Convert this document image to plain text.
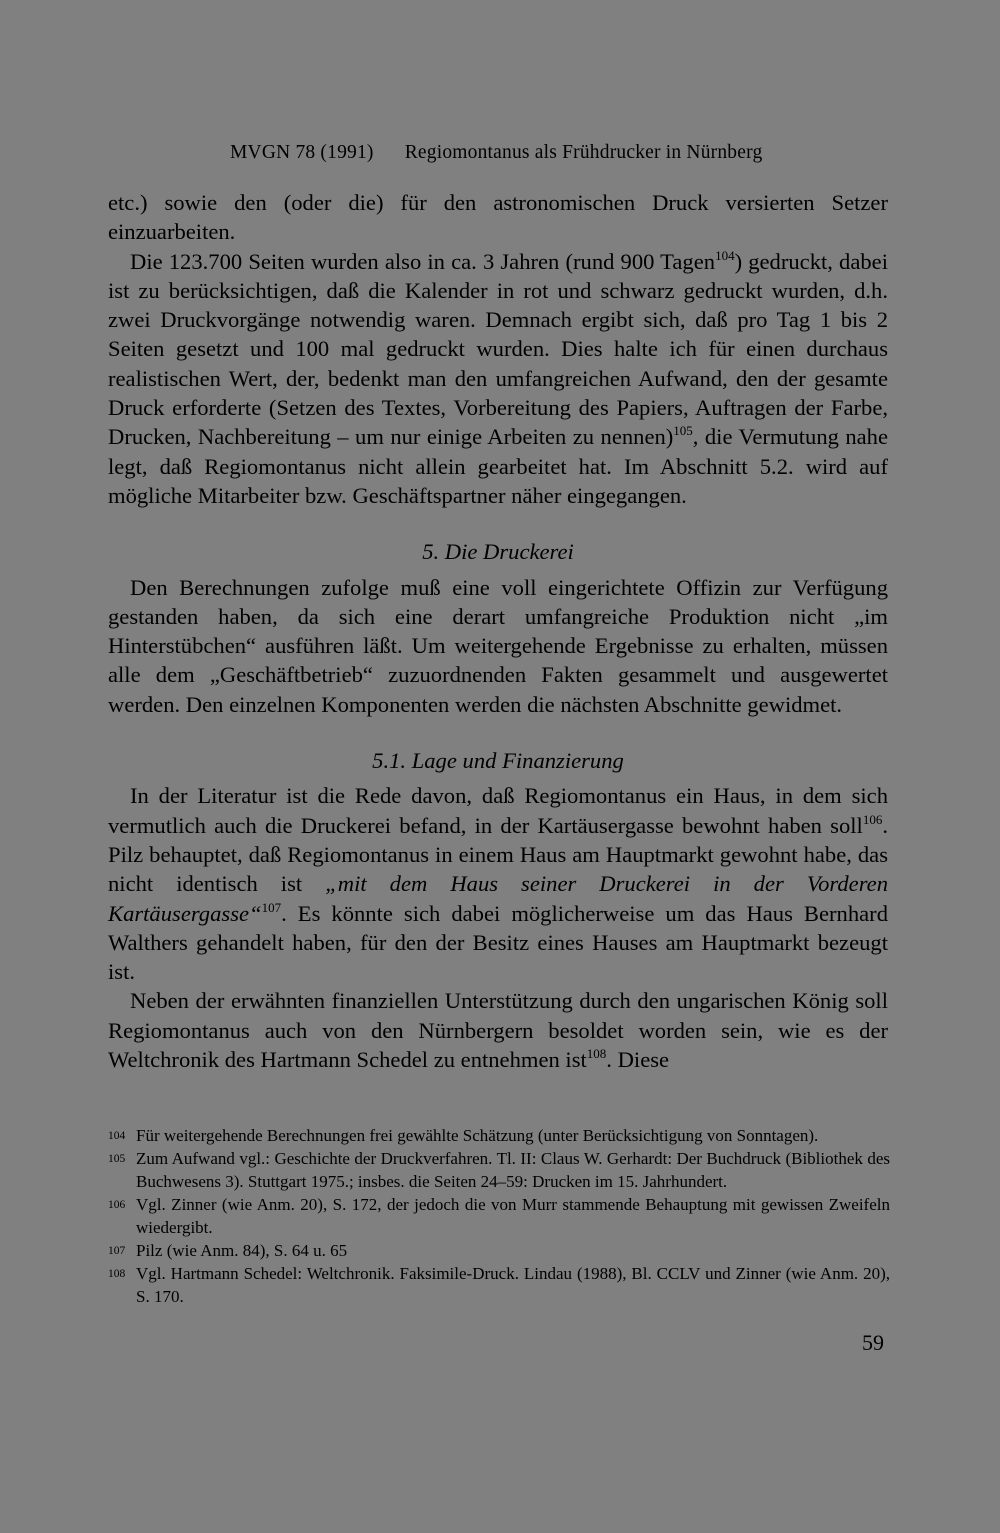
MVGN 78 (1991) Regiomontanus als Frühdrucker in Nürnberg

etc.) sowie den (oder die) für den astronomischen Druck versierten Setzer einzuarbeiten.

Die 123.700 Seiten wurden also in ca. 3 Jahren (rund 900 Tagen$^{104}$) gedruckt, dabei ist zu berücksichtigen, daß die Kalender in rot und schwarz gedruckt wurden, d.h. zwei Druckvorgänge notwendig waren. Demnach ergibt sich, daß pro Tag 1 bis 2 Seiten gesetzt und 100 mal gedruckt wurden. Dies halte ich für einen durchaus realistischen Wert, der, bedenkt man den umfangreichen Aufwand, den der gesamte Druck erforderte (Setzen des Textes, Vorbereitung des Papiers, Auftragen der Farbe, Drucken, Nachbereitung – um nur einige Arbeiten zu nennen)$^{105}$, die Vermutung nahe legt, daß Regiomontanus nicht allein gearbeitet hat. Im Abschnitt 5.2. wird auf mögliche Mitarbeiter bzw. Geschäftspartner näher eingegangen.

5. Die Druckerei

Den Berechnungen zufolge muß eine voll eingerichtete Offizin zur Verfügung gestanden haben, da sich eine derart umfangreiche Produktion nicht „im Hinterstübchen“ ausführen läßt. Um weitergehende Ergebnisse zu erhalten, müssen alle dem „Geschäftbetrieb“ zuzuordnenden Fakten gesammelt und ausgewertet werden. Den einzelnen Komponenten werden die nächsten Abschnitte gewidmet.

5.1. Lage und Finanzierung

In der Literatur ist die Rede davon, daß Regiomontanus ein Haus, in dem sich vermutlich auch die Druckerei befand, in der Kartäusergasse bewohnt haben soll$^{106}$. Pilz behauptet, daß Regiomontanus in einem Haus am Hauptmarkt gewohnt habe, das nicht identisch ist „mit dem Haus seiner Druckerei in der Vorderen Kartäusergasse“$^{107}$. Es könnte sich dabei möglicherweise um das Haus Bernhard Walthers gehandelt haben, für den der Besitz eines Hauses am Hauptmarkt bezeugt ist.

Neben der erwähnten finanziellen Unterstützung durch den ungarischen König soll Regiomontanus auch von den Nürnbergern besoldet worden sein, wie es der Weltchronik des Hartmann Schedel zu entnehmen ist$^{108}$. Diese

104 Für weitergehende Berechnungen frei gewählte Schätzung (unter Berücksichtigung von Sonntagen).
105 Zum Aufwand vgl.: Geschichte der Druckverfahren. Tl. II: Claus W. Gerhardt: Der Buchdruck (Bibliothek des Buchwesens 3). Stuttgart 1975.; insbes. die Seiten 24–59: Drucken im 15. Jahrhundert.
106 Vgl. Zinner (wie Anm. 20), S. 172, der jedoch die von Murr stammende Behauptung mit gewissen Zweifeln wiedergibt.
107 Pilz (wie Anm. 84), S. 64 u. 65
108 Vgl. Hartmann Schedel: Weltchronik. Faksimile-Druck. Lindau (1988), Bl. CCLV und Zinner (wie Anm. 20), S. 170.
59
